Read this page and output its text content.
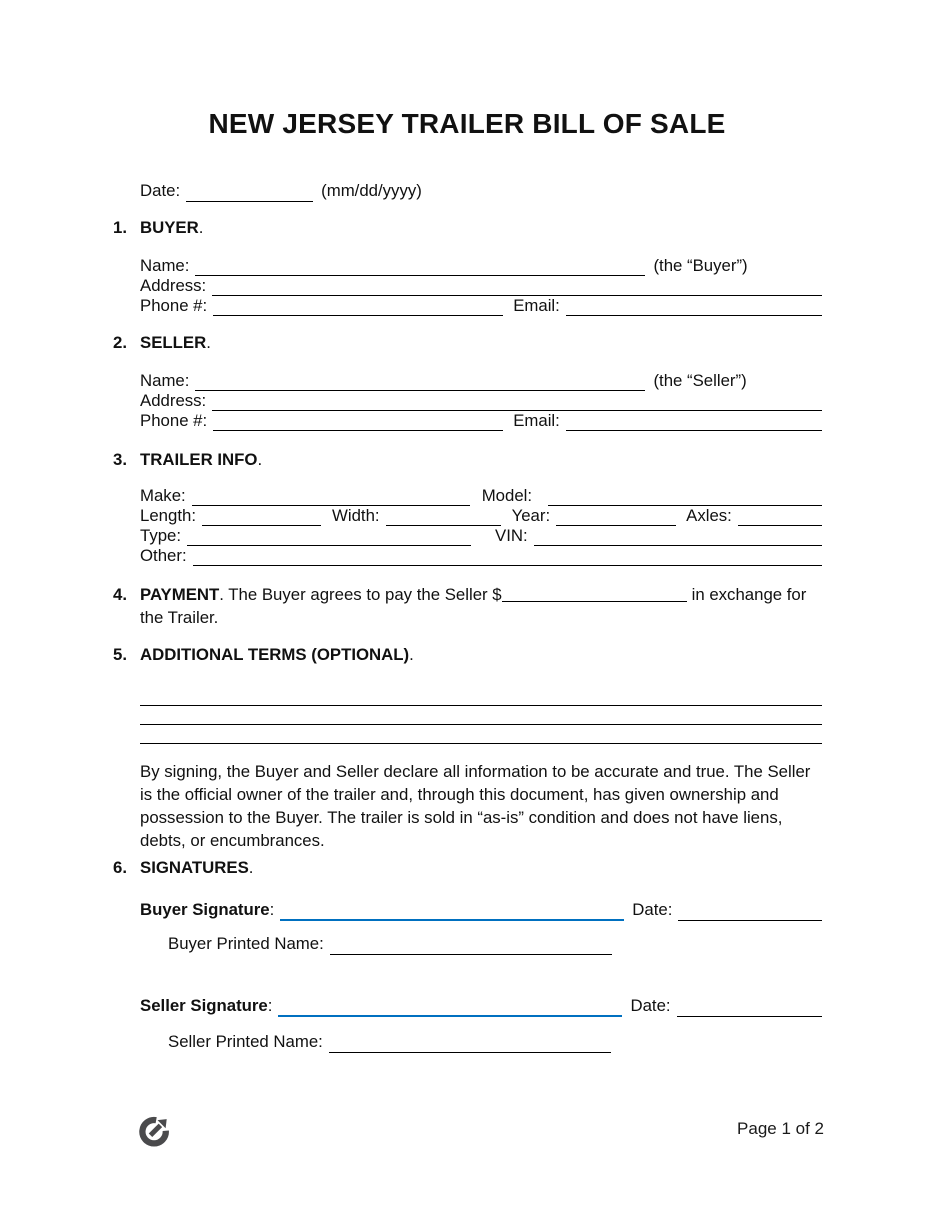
NEW JERSEY TRAILER BILL OF SALE
Date:	(mm/dd/yyyy)
1. BUYER.
Name:	(the “Buyer”)
Address:
Phone #:	Email:
2. SELLER.
Name:	(the “Seller”)
Address:
Phone #:	Email:
3. TRAILER INFO.
Make:	Model:
Length:	Width:	Year:	Axles:
Type:	VIN:
Other:
4. PAYMENT. The Buyer agrees to pay the Seller $	in exchange for the Trailer.
5. ADDITIONAL TERMS (OPTIONAL).

By signing, the Buyer and Seller declare all information to be accurate and true. The Seller is the official owner of the trailer and, through this document, has given ownership and possession to the Buyer. The trailer is sold in “as-is” condition and does not have liens, debts, or encumbrances.

6. SIGNATURES.
Buyer Signature :	Date:
Buyer Printed Name:
Seller Signature :	Date:
Seller Printed Name:
Page 1 of 2
